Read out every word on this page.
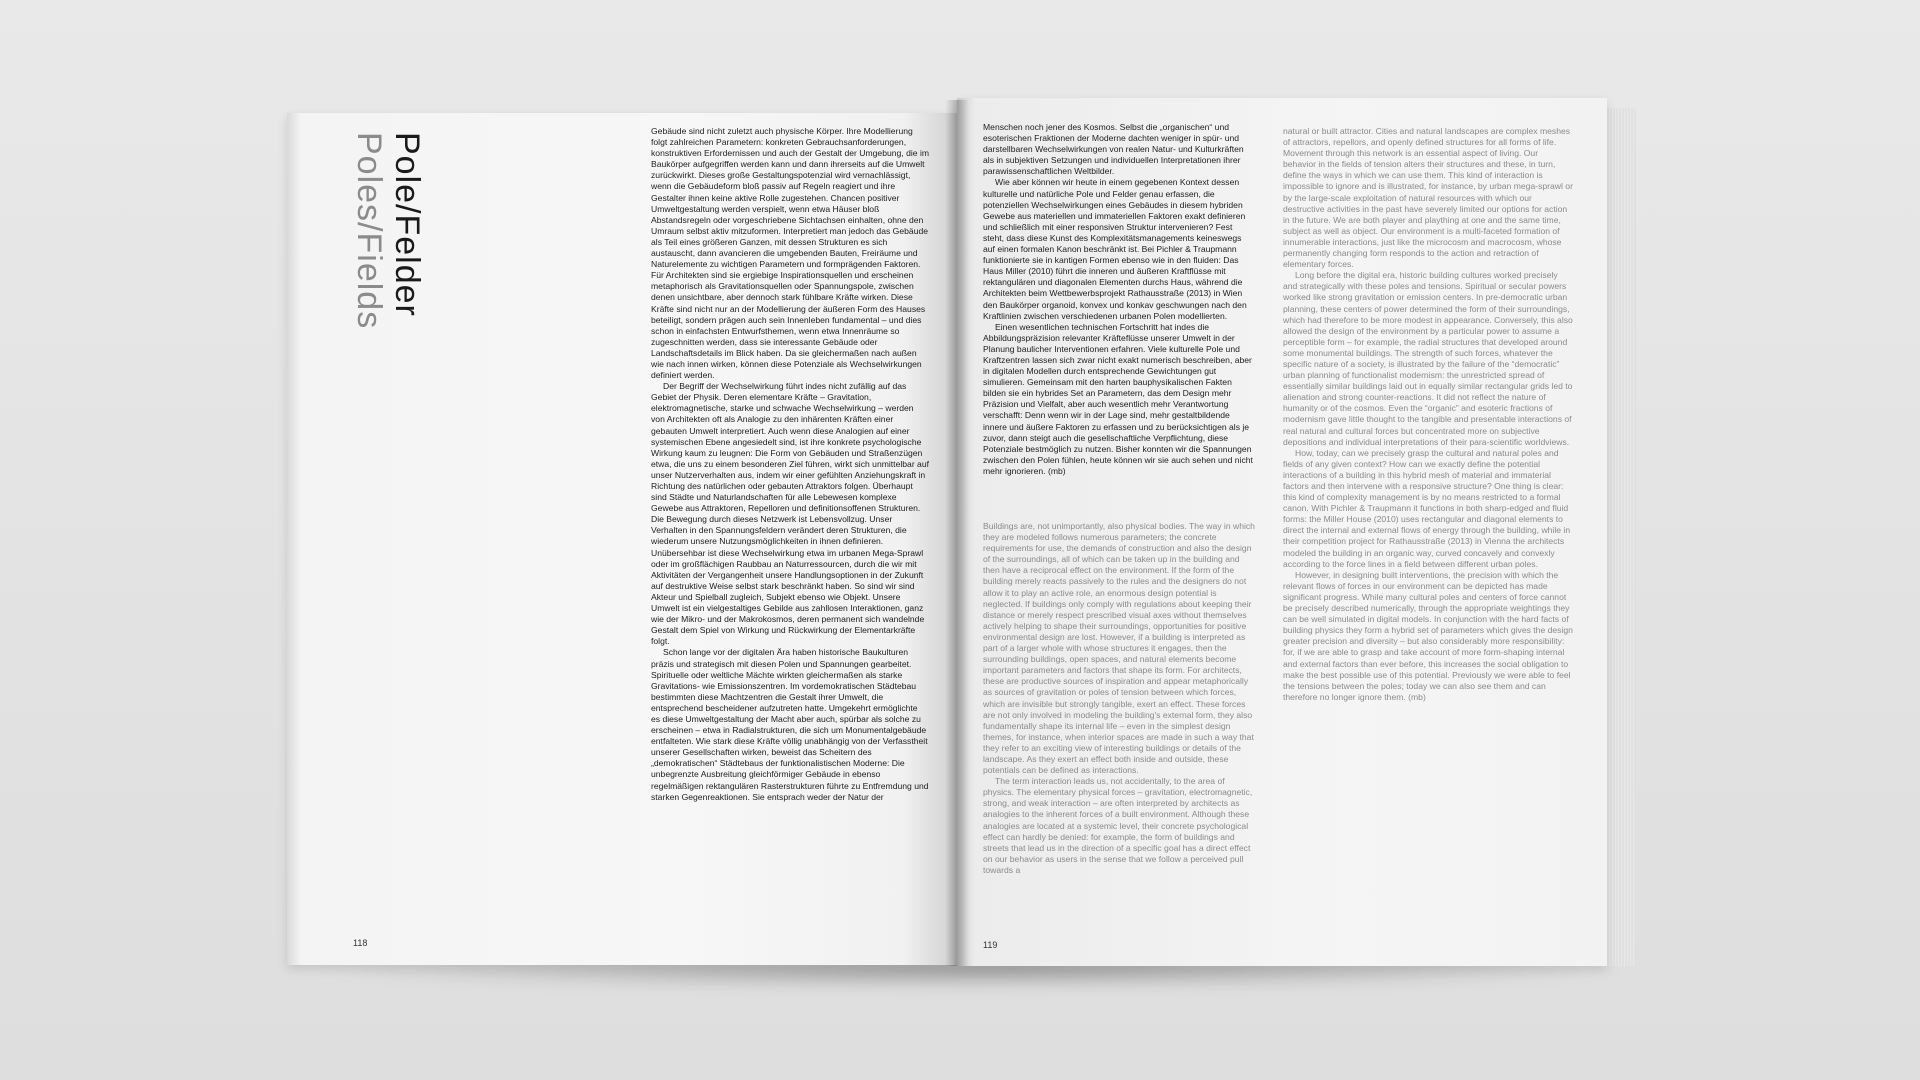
Pole/Felder
Poles/Fields

Gebäude sind nicht zuletzt auch physische Körper. Ihre Modellierung folgt zahlreichen Parametern: konkreten Gebrauchsanforderungen, konstruktiven Erfordernissen und auch der Gestalt der Umgebung, die im Baukörper aufgegriffen werden kann und dann ihrerseits auf die Umwelt zurückwirkt. Dieses große Gestaltungspotenzial wird vernachlässigt, wenn die Gebäudeform bloß passiv auf Regeln reagiert und ihre Gestalter ihnen keine aktive Rolle zugestehen. Chancen positiver Umweltgestaltung werden verspielt, wenn etwa Häuser bloß Abstandsregeln oder vorgeschriebene Sichtachsen einhalten, ohne den Umraum selbst aktiv mitzuformen. Interpretiert man jedoch das Gebäude als Teil eines größeren Ganzen, mit dessen Strukturen es sich austauscht, dann avancieren die umgebenden Bauten, Freiräume und Naturelemente zu wichtigen Parametern und formprägenden Faktoren. Für Architekten sind sie ergiebige Inspirationsquellen und erscheinen metaphorisch als Gravitationsquellen oder Spannungspole, zwischen denen unsichtbare, aber dennoch stark fühlbare Kräfte wirken. Diese Kräfte sind nicht nur an der Modellierung der äußeren Form des Hauses beteiligt, sondern prägen auch sein Innenleben fundamental – und dies schon in einfachsten Entwurfsthemen, wenn etwa Innenräume so zugeschnitten werden, dass sie interessante Gebäude oder Landschaftsdetails im Blick haben. Da sie gleichermaßen nach außen wie nach innen wirken, können diese Potenziale als Wechselwirkungen definiert werden.

Der Begriff der Wechselwirkung führt indes nicht zufällig auf das Gebiet der Physik. Deren elementare Kräfte – Gravitation, elektromagnetische, starke und schwache Wechselwirkung – werden von Architekten oft als Analogie zu den inhärenten Kräften einer gebauten Umwelt interpretiert. Auch wenn diese Analogien auf einer systemischen Ebene angesiedelt sind, ist ihre konkrete psychologische Wirkung kaum zu leugnen: Die Form von Gebäuden und Straßenzügen etwa, die uns zu einem besonderen Ziel führen, wirkt sich unmittelbar auf unser Nutzerverhalten aus, indem wir einer gefühlten Anziehungskraft in Richtung des natürlichen oder gebauten Attraktors folgen. Überhaupt sind Städte und Naturlandschaften für alle Lebewesen komplexe Gewebe aus Attraktoren, Repelloren und definitionsoffenen Strukturen. Die Bewegung durch dieses Netzwerk ist Lebensvollzug. Unser Verhalten in den Spannungsfeldern verändert deren Strukturen, die wiederum unsere Nutzungsmöglichkeiten in ihnen definieren. Unübersehbar ist diese Wechselwirkung etwa im urbanen Mega-Sprawl oder im großflächigen Raubbau an Naturressourcen, durch die wir mit Aktivitäten der Vergangenheit unsere Handlungsoptionen in der Zukunft auf destruktive Weise selbst stark beschränkt haben. So sind wir sind Akteur und Spielball zugleich, Subjekt ebenso wie Objekt. Unsere Umwelt ist ein vielgestaltiges Gebilde aus zahllosen Interaktionen, ganz wie der Mikro- und der Makrokosmos, deren permanent sich wandelnde Gestalt dem Spiel von Wirkung und Rückwirkung der Elementarkräfte folgt.

Schon lange vor der digitalen Ära haben historische Baukulturen präzis und strategisch mit diesen Polen und Spannungen gearbeitet. Spirituelle oder weltliche Mächte wirkten gleichermaßen als starke Gravitations- wie Emissionszentren. Im vordemokratischen Städtebau bestimmten diese Machtzentren die Gestalt ihrer Umwelt, die entsprechend bescheidener aufzutreten hatte. Umgekehrt ermöglichte es diese Umweltgestaltung der Macht aber auch, spürbar als solche zu erscheinen – etwa in Radialstrukturen, die sich um Monumentalgebäude entfalteten. Wie stark diese Kräfte völlig unabhängig von der Verfasstheit unserer Gesellschaften wirken, beweist das Scheitern des „demokratischen“ Städtebaus der funktionalistischen Moderne: Die unbegrenzte Ausbreitung gleichförmiger Gebäude in ebenso regelmäßigen rektangulären Rasterstrukturen führte zu Entfremdung und starken Gegenreaktionen. Sie entsprach weder der Natur der

Menschen noch jener des Kosmos. Selbst die „organischen“ und esoterischen Fraktionen der Moderne dachten weniger in spür- und darstellbaren Wechselwirkungen von realen Natur- und Kulturkräften als in subjektiven Setzungen und individuellen Interpretationen ihrer parawissenschaftlichen Weltbilder.

Wie aber können wir heute in einem gegebenen Kontext dessen kulturelle und natürliche Pole und Felder genau erfassen, die potenziellen Wechselwirkungen eines Gebäudes in diesem hybriden Gewebe aus materiellen und immateriellen Faktoren exakt definieren und schließlich mit einer responsiven Struktur intervenieren? Fest steht, dass diese Kunst des Komplexitätsmanagements keineswegs auf einen formalen Kanon beschränkt ist. Bei Pichler & Traupmann funktionierte sie in kantigen Formen ebenso wie in den fluiden: Das Haus Miller (2010) führt die inneren und äußeren Kraftflüsse mit rektangulären und diagonalen Elementen durchs Haus, während die Architekten beim Wettbewerbsprojekt Rathausstraße (2013) in Wien den Baukörper organoid, konvex und konkav geschwungen nach den Kraftlinien zwischen verschiedenen urbanen Polen modellierten.

Einen wesentlichen technischen Fortschritt hat indes die Abbildungspräzision relevanter Kräfteflüsse unserer Umwelt in der Planung baulicher Interventionen erfahren. Viele kulturelle Pole und Kraftzentren lassen sich zwar nicht exakt numerisch beschreiben, aber in digitalen Modellen durch entsprechende Gewichtungen gut simulieren. Gemeinsam mit den harten bauphysikalischen Fakten bilden sie ein hybrides Set an Parametern, das dem Design mehr Präzision und Vielfalt, aber auch wesentlich mehr Verantwortung verschafft: Denn wenn wir in der Lage sind, mehr gestaltbildende innere und äußere Faktoren zu erfassen und zu berücksichtigen als je zuvor, dann steigt auch die gesellschaftliche Verpflichtung, diese Potenziale bestmöglich zu nutzen. Bisher konnten wir die Spannungen zwischen den Polen fühlen, heute können wir sie auch sehen und nicht mehr ignorieren. (mb)

Buildings are, not unimportantly, also physical bodies. The way in which they are modeled follows numerous parameters; the concrete requirements for use, the demands of construction and also the design of the surroundings, all of which can be taken up in the building and then have a reciprocal effect on the environment. If the form of the building merely reacts passively to the rules and the designers do not allow it to play an active role, an enormous design potential is neglected. If buildings only comply with regulations about keeping their distance or merely respect prescribed visual axes without themselves actively helping to shape their surroundings, opportunities for positive environmental design are lost. However, if a building is interpreted as part of a larger whole with whose structures it engages, then the surrounding buildings, open spaces, and natural elements become important parameters and factors that shape its form. For architects, these are productive sources of inspiration and appear metaphorically as sources of gravitation or poles of tension between which forces, which are invisible but strongly tangible, exert an effect. These forces are not only involved in modeling the building's external form, they also fundamentally shape its internal life – even in the simplest design themes, for instance, when interior spaces are made in such a way that they refer to an exciting view of interesting buildings or details of the landscape. As they exert an effect both inside and outside, these potentials can be defined as interactions.

The term interaction leads us, not accidentally, to the area of physics. The elementary physical forces – gravitation, electromagnetic, strong, and weak interaction – are often interpreted by architects as analogies to the inherent forces of a built environment. Although these analogies are located at a systemic level, their concrete psychological effect can hardly be denied: for example, the form of buildings and streets that lead us in the direction of a specific goal has a direct effect on our behavior as users in the sense that we follow a perceived pull towards a

natural or built attractor. Cities and natural landscapes are complex meshes of attractors, repellors, and openly defined structures for all forms of life. Movement through this network is an essential aspect of living. Our behavior in the fields of tension alters their structures and these, in turn, define the ways in which we can use them. This kind of interaction is impossible to ignore and is illustrated, for instance, by urban mega-sprawl or by the large-scale exploitation of natural resources with which our destructive activities in the past have severely limited our options for action in the future. We are both player and plaything at one and the same time, subject as well as object. Our environment is a multi-faceted formation of innumerable interactions, just like the microcosm and macrocosm, whose permanently changing form responds to the action and retraction of elementary forces.

Long before the digital era, historic building cultures worked precisely and strategically with these poles and tensions. Spiritual or secular powers worked like strong gravitation or emission centers. In pre-democratic urban planning, these centers of power determined the form of their surroundings, which had therefore to be more modest in appearance. Conversely, this also allowed the design of the environment by a particular power to assume a perceptible form – for example, the radial structures that developed around some monumental buildings. The strength of such forces, whatever the specific nature of a society, is illustrated by the failure of the “democratic” urban planning of functionalist modernism: the unrestricted spread of essentially similar buildings laid out in equally similar rectangular grids led to alienation and strong counter-reactions. It did not reflect the nature of humanity or of the cosmos. Even the “organic” and esoteric fractions of modernism gave little thought to the tangible and presentable interactions of real natural and cultural forces but concentrated more on subjective depositions and individual interpretations of their para-scientific worldviews.

How, today, can we precisely grasp the cultural and natural poles and fields of any given context? How can we exactly define the potential interactions of a building in this hybrid mesh of material and immaterial factors and then intervene with a responsive structure? One thing is clear: this kind of complexity management is by no means restricted to a formal canon. With Pichler & Traupmann it functions in both sharp-edged and fluid forms: the Miller House (2010) uses rectangular and diagonal elements to direct the internal and external flows of energy through the building, while in their competition project for Rathausstraße (2013) in Vienna the architects modeled the building in an organic way, curved concavely and convexly according to the force lines in a field between different urban poles.

However, in designing built interventions, the precision with which the relevant flows of forces in our environment can be depicted has made significant progress. While many cultural poles and centers of force cannot be precisely described numerically, through the appropriate weightings they can be well simulated in digital models. In conjunction with the hard facts of building physics they form a hybrid set of parameters which gives the design greater precision and diversity – but also considerably more responsibility: for, if we are able to grasp and take account of more form-shaping internal and external factors than ever before, this increases the social obligation to make the best possible use of this potential. Previously we were able to feel the tensions between the poles; today we can also see them and can therefore no longer ignore them. (mb)

118	119
